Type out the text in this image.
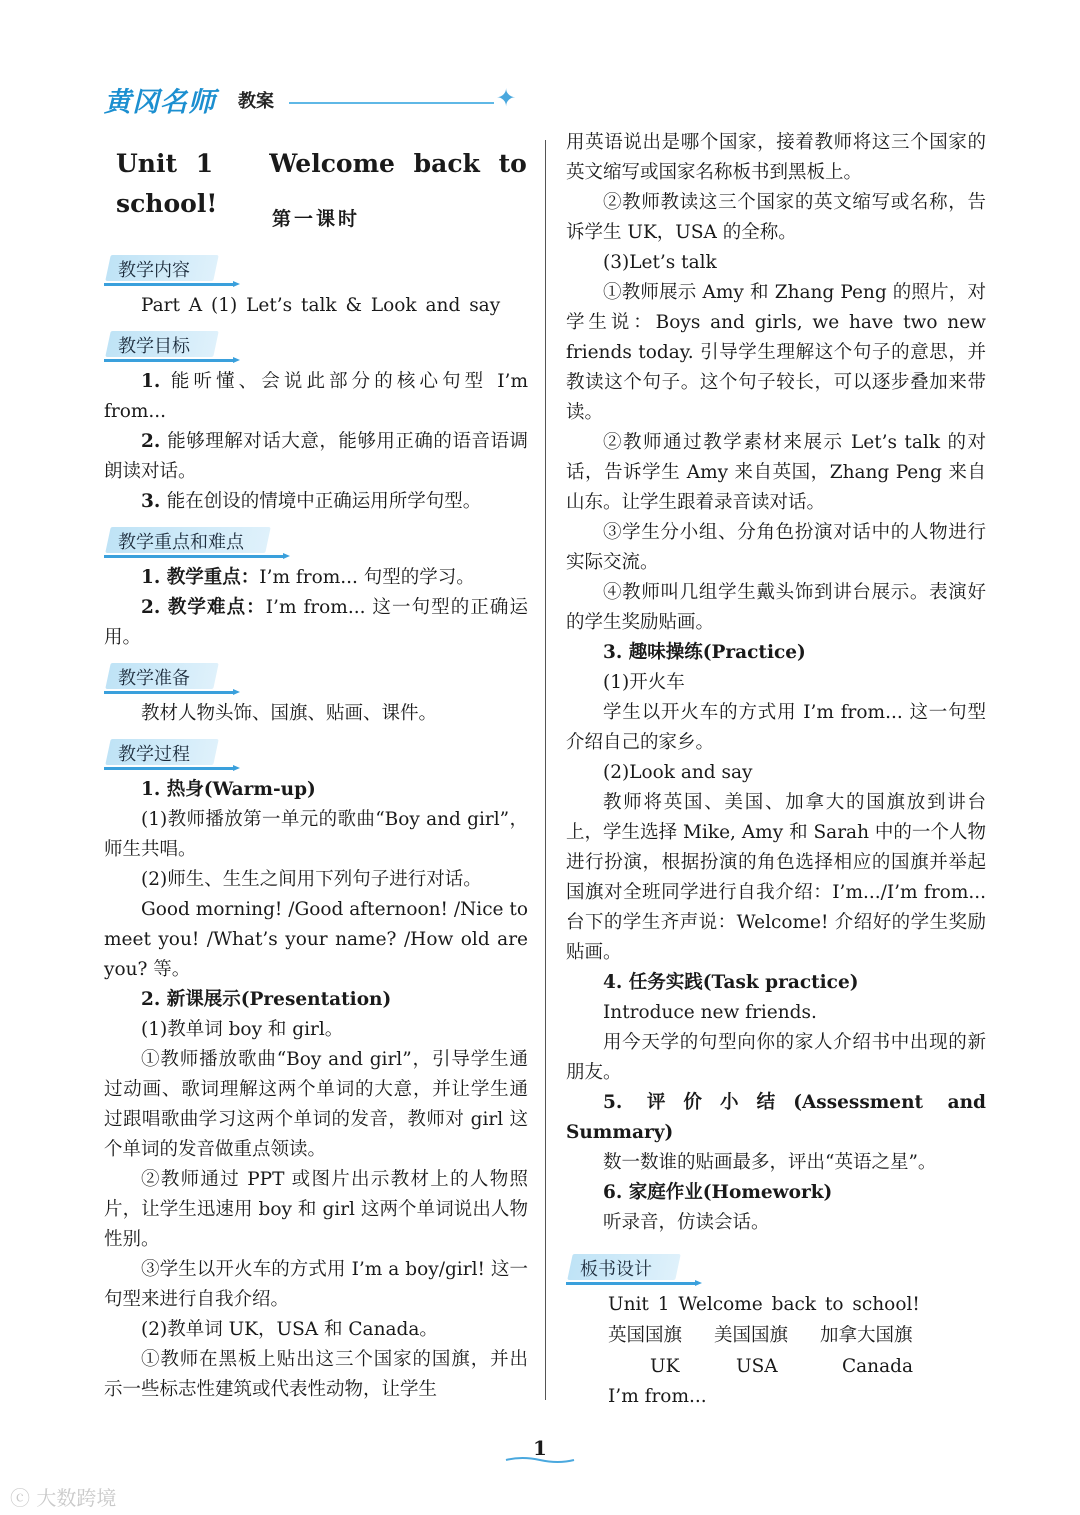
黄冈名师 教案	✦
Unit 1 Welcome back to school!
第一课时
教学内容

Part A (1) Let’s talk & Look and say

教学目标

1. 能听懂、会说此部分的核心句型 I’m from...

2. 能够理解对话大意，能够用正确的语音语调朗读对话。

3. 能在创设的情境中正确运用所学句型。

教学重点和难点

1. 教学重点：I’m from... 句型的学习。

2. 教学难点：I’m from... 这一句型的正确运用。

教学准备

教材人物头饰、国旗、贴画、课件。

教学过程

1. 热身(Warm-up)

(1)教师播放第一单元的歌曲“Boy and girl”，师生共唱。

(2)师生、生生之间用下列句子进行对话。

Good morning! /Good afternoon! /Nice to meet you! /What’s your name? /How old are you? 等。

2. 新课展示(Presentation)

(1)教单词 boy 和 girl。

①教师播放歌曲“Boy and girl”，引导学生通过动画、歌词理解这两个单词的大意，并让学生通过跟唱歌曲学习这两个单词的发音，教师对 girl 这个单词的发音做重点领读。

②教师通过 PPT 或图片出示教材上的人物照片，让学生迅速用 boy 和 girl 这两个单词说出人物性别。

③学生以开火车的方式用 I’m a boy/girl! 这一句型来进行自我介绍。

(2)教单词 UK，USA 和 Canada。

①教师在黑板上贴出这三个国家的国旗，并出示一些标志性建筑或代表性动物，让学生

用英语说出是哪个国家，接着教师将这三个国家的英文缩写或国家名称板书到黑板上。

②教师教读这三个国家的英文缩写或名称，告诉学生 UK，USA 的全称。

(3)Let’s talk

①教师展示 Amy 和 Zhang Peng 的照片，对学生说：Boys and girls, we have two new friends today. 引导学生理解这个句子的意思，并教读这个句子。这个句子较长，可以逐步叠加来带读。

②教师通过教学素材来展示 Let’s talk 的对话，告诉学生 Amy 来自英国，Zhang Peng 来自山东。让学生跟着录音读对话。

③学生分小组、分角色扮演对话中的人物进行实际交流。

④教师叫几组学生戴头饰到讲台展示。表演好的学生奖励贴画。

3. 趣味操练(Practice)

(1)开火车

学生以开火车的方式用 I’m from... 这一句型介绍自己的家乡。

(2)Look and say

教师将英国、美国、加拿大的国旗放到讲台上，学生选择 Mike, Amy 和 Sarah 中的一个人物进行扮演，根据扮演的角色选择相应的国旗并举起国旗对全班同学进行自我介绍：I’m.../I’m from... 台下的学生齐声说：Welcome! 介绍好的学生奖励贴画。

4. 任务实践(Task practice)

Introduce new friends.

用今天学的句型向你的家人介绍书中出现的新朋友。

5. 评价小结(Assessment and Summary)

数一数谁的贴画最多，评出“英语之星”。

6. 家庭作业(Homework)

听录音，仿读会话。

板书设计

Unit 1 Welcome back to school!

英国国旗	美国国旗	加拿大国旗
UK	USA	Canada

I’m from...

1
ⓒ 大数跨境
